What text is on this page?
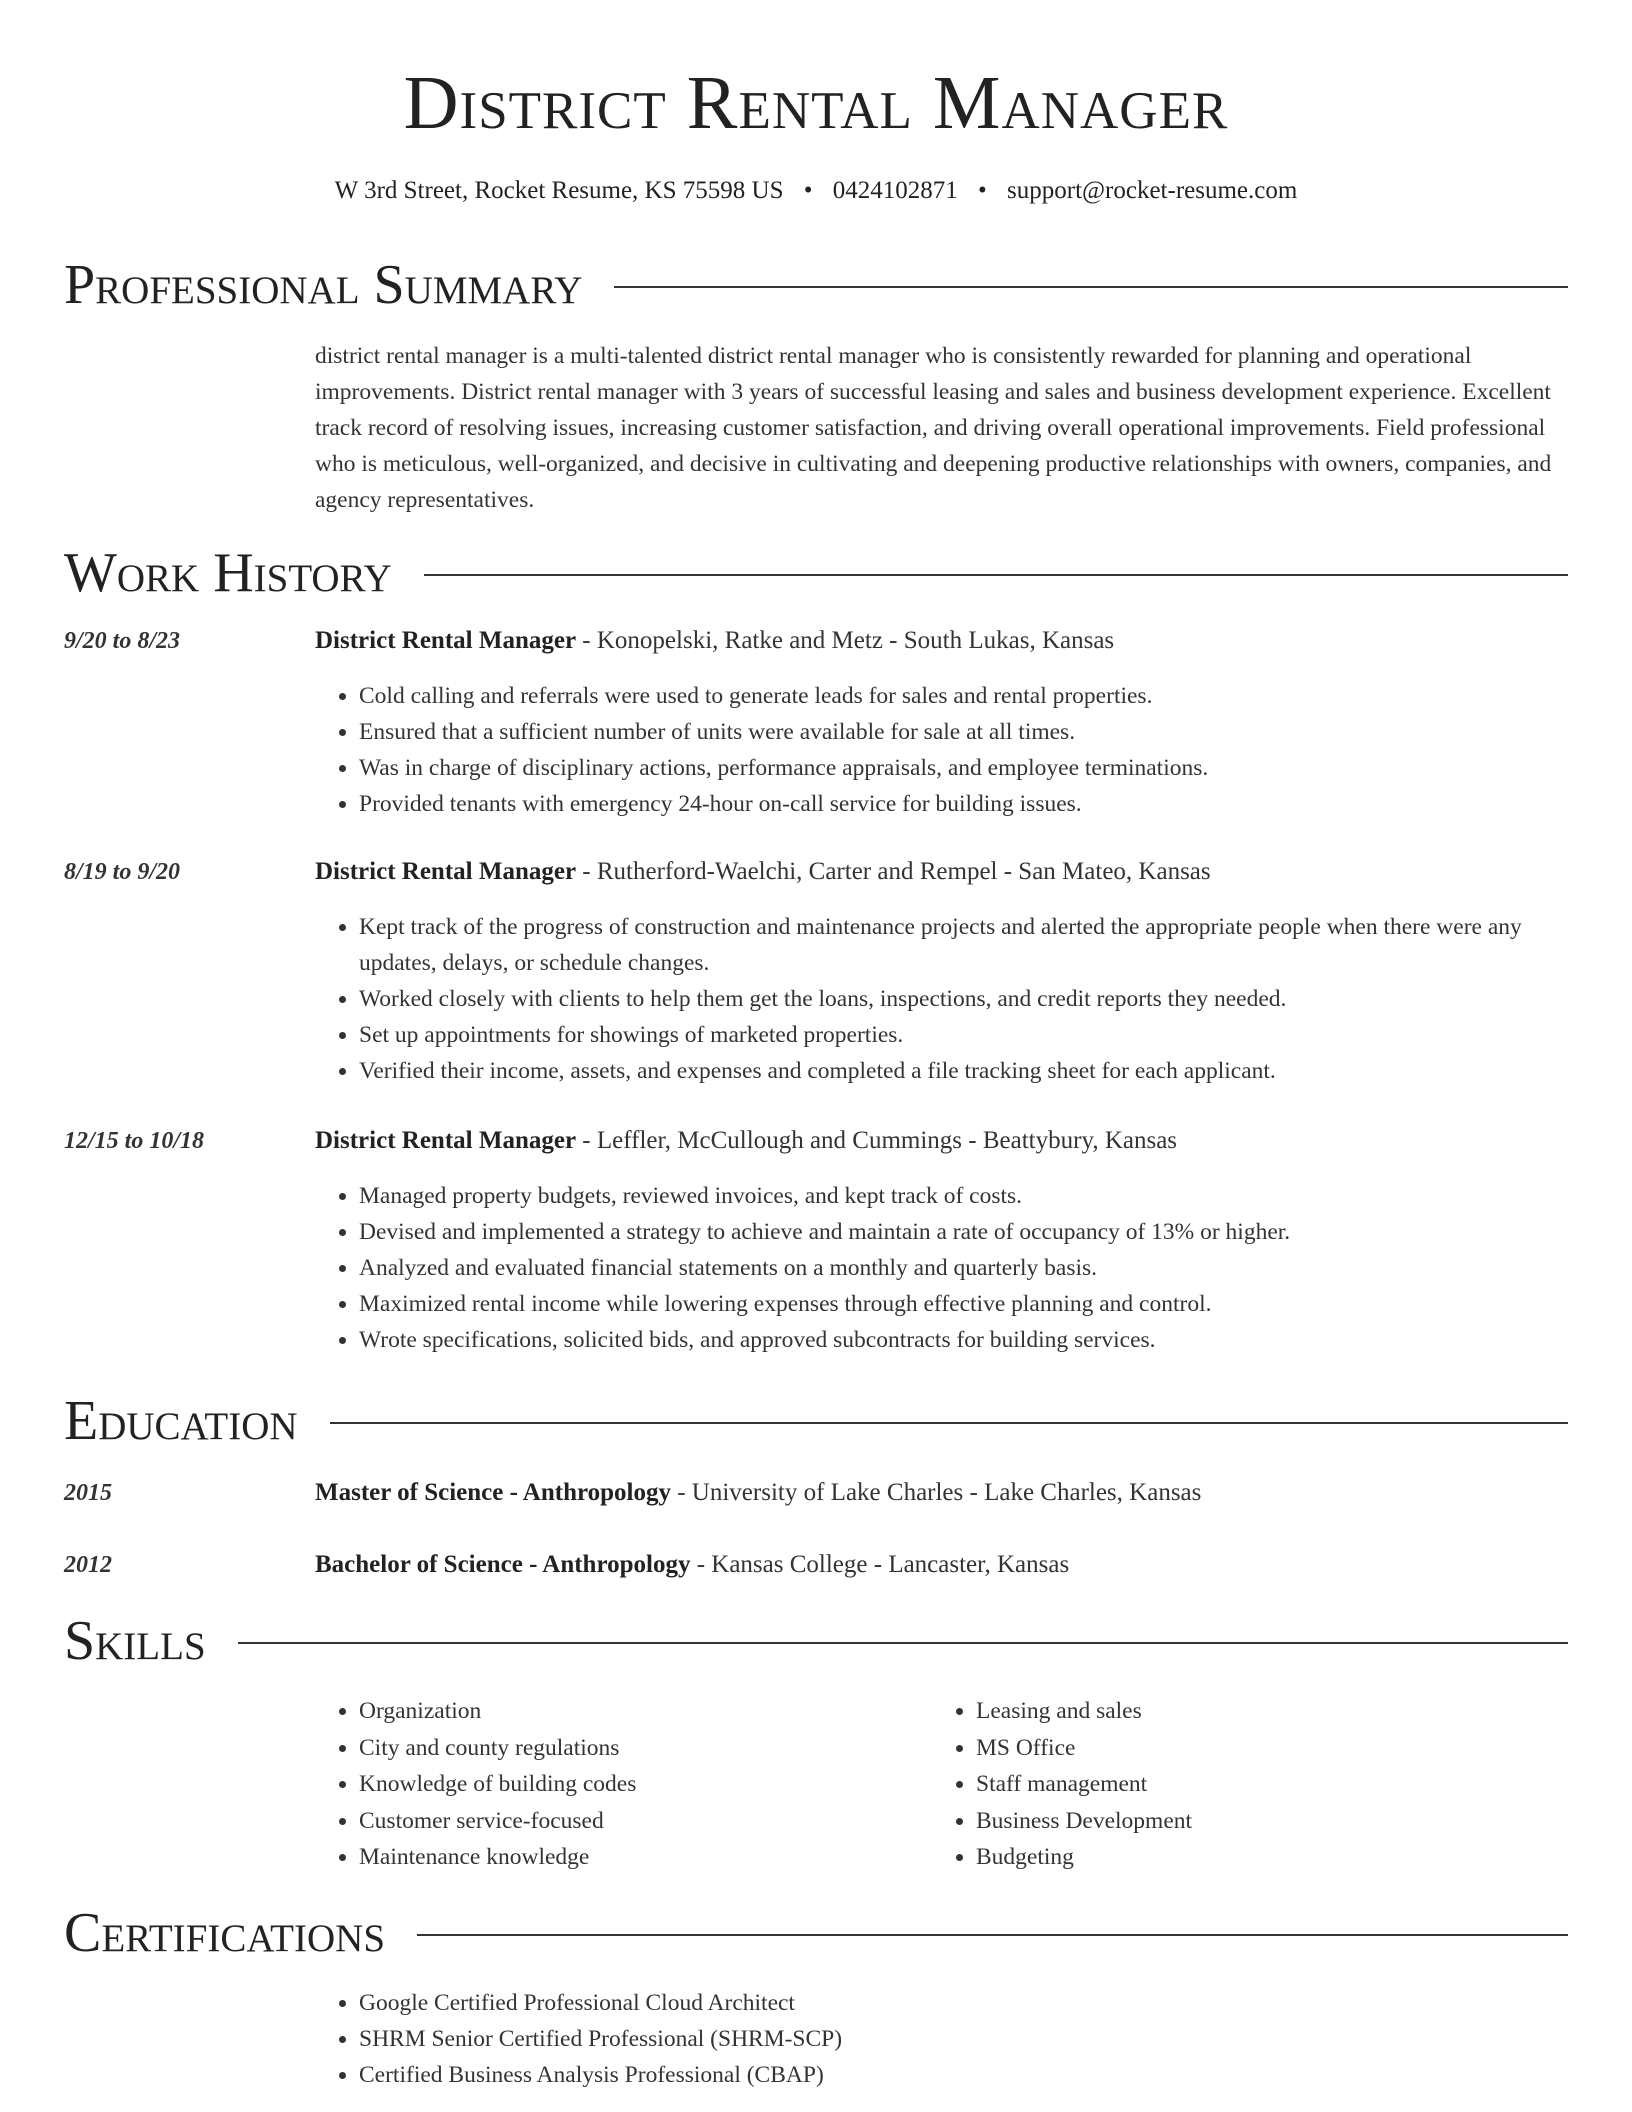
District Rental Manager
W 3rd Street, Rocket Resume, KS 75598 US • 0424102871 • support@rocket-resume.com
Professional Summary
district rental manager is a multi-talented district rental manager who is consistently rewarded for planning and operational improvements. District rental manager with 3 years of successful leasing and sales and business development experience. Excellent track record of resolving issues, increasing customer satisfaction, and driving overall operational improvements. Field professional who is meticulous, well-organized, and decisive in cultivating and deepening productive relationships with owners, companies, and agency representatives.
Work History
9/20 to 8/23	District Rental Manager - Konopelski, Ratke and Metz - South Lukas, Kansas
• Cold calling and referrals were used to generate leads for sales and rental properties.
• Ensured that a sufficient number of units were available for sale at all times.
• Was in charge of disciplinary actions, performance appraisals, and employee terminations.
• Provided tenants with emergency 24-hour on-call service for building issues.
8/19 to 9/20	District Rental Manager - Rutherford-Waelchi, Carter and Rempel - San Mateo, Kansas
• Kept track of the progress of construction and maintenance projects and alerted the appropriate people when there were any updates, delays, or schedule changes.
• Worked closely with clients to help them get the loans, inspections, and credit reports they needed.
• Set up appointments for showings of marketed properties.
• Verified their income, assets, and expenses and completed a file tracking sheet for each applicant.
12/15 to 10/18	District Rental Manager - Leffler, McCullough and Cummings - Beattybury, Kansas
• Managed property budgets, reviewed invoices, and kept track of costs.
• Devised and implemented a strategy to achieve and maintain a rate of occupancy of 13% or higher.
• Analyzed and evaluated financial statements on a monthly and quarterly basis.
• Maximized rental income while lowering expenses through effective planning and control.
• Wrote specifications, solicited bids, and approved subcontracts for building services.
Education
2015	Master of Science - Anthropology - University of Lake Charles - Lake Charles, Kansas
2012	Bachelor of Science - Anthropology - Kansas College - Lancaster, Kansas
Skills
• Organization
• City and county regulations
• Knowledge of building codes
• Customer service-focused
• Maintenance knowledge
• Leasing and sales
• MS Office
• Staff management
• Business Development
• Budgeting
Certifications
• Google Certified Professional Cloud Architect
• SHRM Senior Certified Professional (SHRM-SCP)
• Certified Business Analysis Professional (CBAP)
